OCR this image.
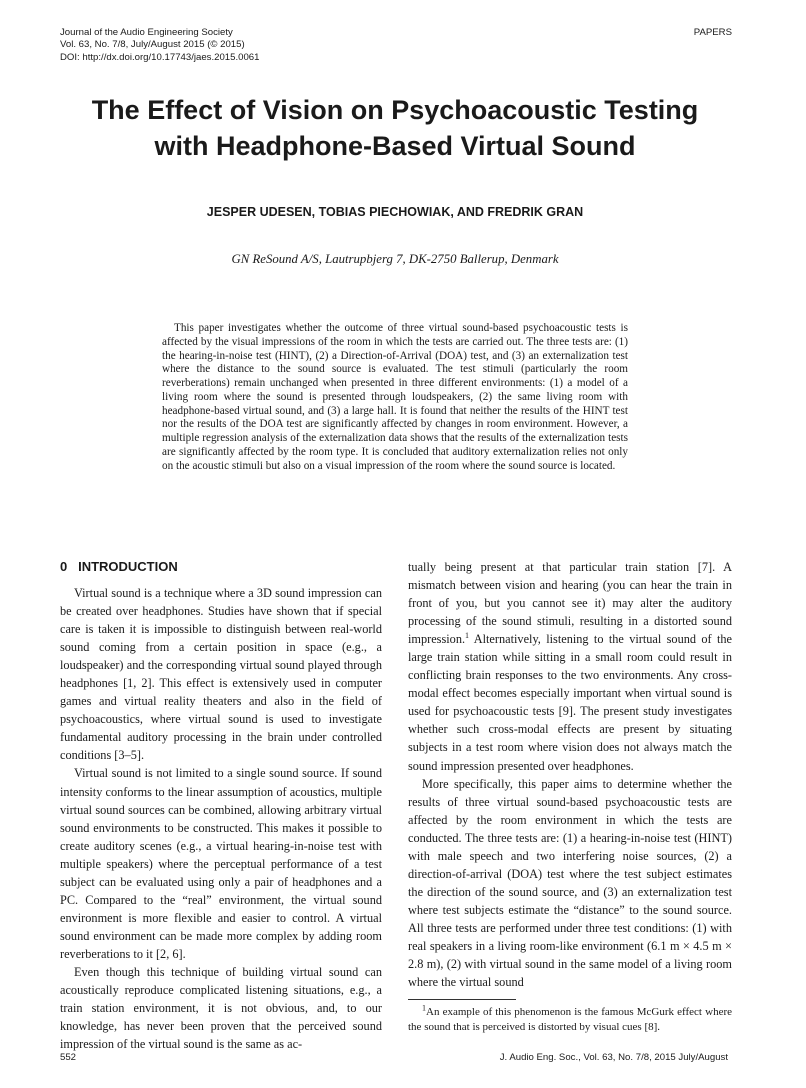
Journal of the Audio Engineering Society
Vol. 63, No. 7/8, July/August 2015 (© 2015)
DOI: http://dx.doi.org/10.17743/jaes.2015.0061
PAPERS
The Effect of Vision on Psychoacoustic Testing
with Headphone-Based Virtual Sound
JESPER UDESEN, TOBIAS PIECHOWIAK, AND FREDRIK GRAN
GN ReSound A/S, Lautrupbjerg 7, DK-2750 Ballerup, Denmark

This paper investigates whether the outcome of three virtual sound-based psychoacoustic tests is affected by the visual impressions of the room in which the tests are carried out. The three tests are: (1) the hearing-in-noise test (HINT), (2) a Direction-of-Arrival (DOA) test, and (3) an externalization test where the distance to the sound source is evaluated. The test stimuli (particularly the room reverberations) remain unchanged when presented in three different environments: (1) a model of a living room where the sound is presented through loudspeakers, (2) the same living room with headphone-based virtual sound, and (3) a large hall. It is found that neither the results of the HINT test nor the results of the DOA test are significantly affected by changes in room environment. However, a multiple regression analysis of the externalization data shows that the results of the externalization tests are significantly affected by the room type. It is concluded that auditory externalization relies not only on the acoustic stimuli but also on a visual impression of the room where the sound source is located.

0 INTRODUCTION

Virtual sound is a technique where a 3D sound impression can be created over headphones. Studies have shown that if special care is taken it is impossible to distinguish between real-world sound coming from a certain position in space (e.g., a loudspeaker) and the corresponding virtual sound played through headphones [1, 2]. This effect is extensively used in computer games and virtual reality theaters and also in the field of psychoacoustics, where virtual sound is used to investigate fundamental auditory processing in the brain under controlled conditions [3–5].

Virtual sound is not limited to a single sound source. If sound intensity conforms to the linear assumption of acoustics, multiple virtual sound sources can be combined, allowing arbitrary virtual sound environments to be constructed. This makes it possible to create auditory scenes (e.g., a virtual hearing-in-noise test with multiple speakers) where the perceptual performance of a test subject can be evaluated using only a pair of headphones and a PC. Compared to the “real” environment, the virtual sound environment is more flexible and easier to control. A virtual sound environment can be made more complex by adding room reverberations to it [2, 6].

Even though this technique of building virtual sound can acoustically reproduce complicated listening situations, e.g., a train station environment, it is not obvious, and, to our knowledge, has never been proven that the perceived sound impression of the virtual sound is the same as ac-

tually being present at that particular train station [7]. A mismatch between vision and hearing (you can hear the train in front of you, but you cannot see it) may alter the auditory processing of the sound stimuli, resulting in a distorted sound impression.$^1$ Alternatively, listening to the virtual sound of the large train station while sitting in a small room could result in conflicting brain responses to the two environments. Any cross-modal effect becomes especially important when virtual sound is used for psychoacoustic tests [9]. The present study investigates whether such cross-modal effects are present by situating subjects in a test room where vision does not always match the sound impression presented over headphones.

More specifically, this paper aims to determine whether the results of three virtual sound-based psychoacoustic tests are affected by the room environment in which the tests are conducted. The three tests are: (1) a hearing-in-noise test (HINT) with male speech and two interfering noise sources, (2) a direction-of-arrival (DOA) test where the test subject estimates the direction of the sound source, and (3) an externalization test where test subjects estimate the “distance” to the sound source. All three tests are performed under three test conditions: (1) with real speakers in a living room-like environment (6.1 m × 4.5 m × 2.8 m), (2) with virtual sound in the same model of a living room where the virtual sound

$^1$An example of this phenomenon is the famous McGurk effect where the sound that is perceived is distorted by visual cues [8].

552	J. Audio Eng. Soc., Vol. 63, No. 7/8, 2015 July/August
